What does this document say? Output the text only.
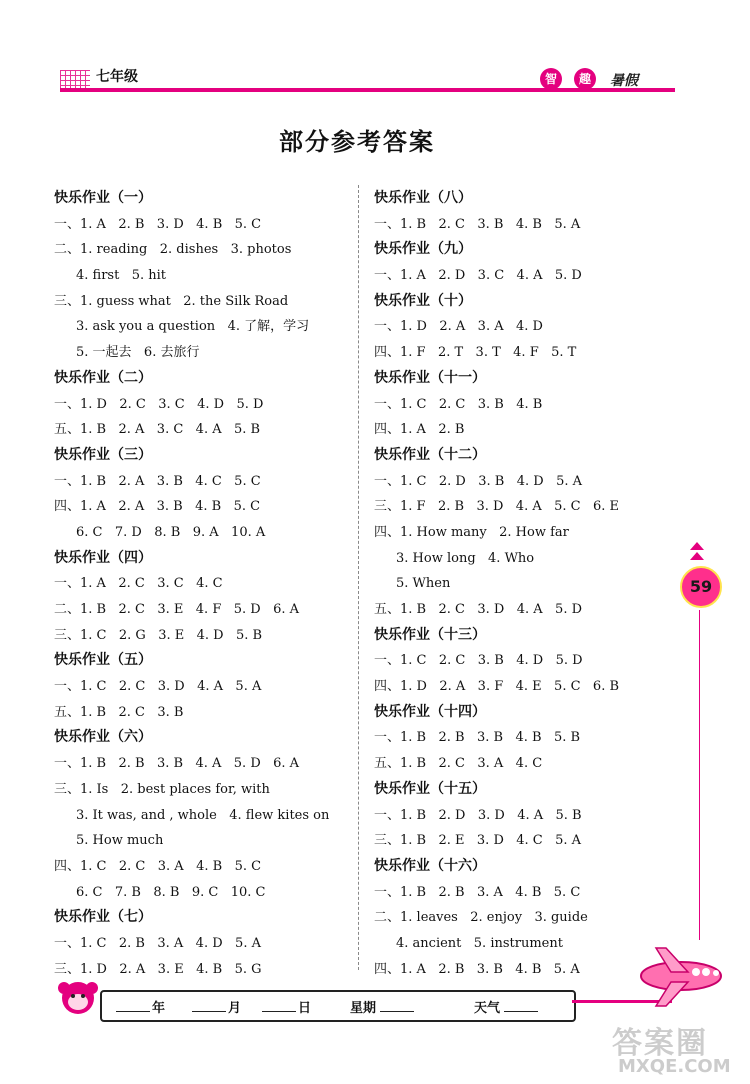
七年级	智	趣	暑假
部分参考答案
快乐作业（一）
一、1. A   2. B   3. D   4. B   5. C
二、1. reading   2. dishes   3. photos
4. first   5. hit
三、1. guess what   2. the Silk Road
3. ask you a question   4. 了解，学习
5. 一起去   6. 去旅行
快乐作业（二）
一、1. D   2. C   3. C   4. D   5. D
五、1. B   2. A   3. C   4. A   5. B
快乐作业（三）
一、1. B   2. A   3. B   4. C   5. C
四、1. A   2. A   3. B   4. B   5. C
6. C   7. D   8. B   9. A   10. A
快乐作业（四）
一、1. A   2. C   3. C   4. C
二、1. B   2. C   3. E   4. F   5. D   6. A
三、1. C   2. G   3. E   4. D   5. B
快乐作业（五）
一、1. C   2. C   3. D   4. A   5. A
五、1. B   2. C   3. B
快乐作业（六）
一、1. B   2. B   3. B   4. A   5. D   6. A
三、1. Is   2. best places for, with
3. It was, and , whole   4. flew kites on
5. How much
四、1. C   2. C   3. A   4. B   5. C
6. C   7. B   8. B   9. C   10. C
快乐作业（七）
一、1. C   2. B   3. A   4. D   5. A
三、1. D   2. A   3. E   4. B   5. G
快乐作业（八）
一、1. B   2. C   3. B   4. B   5. A
快乐作业（九）
一、1. A   2. D   3. C   4. A   5. D
快乐作业（十）
一、1. D   2. A   3. A   4. D
四、1. F   2. T   3. T   4. F   5. T
快乐作业（十一）
一、1. C   2. C   3. B   4. B
四、1. A   2. B
快乐作业（十二）
一、1. C   2. D   3. B   4. D   5. A
三、1. F   2. B   3. D   4. A   5. C   6. E
四、1. How many   2. How far
3. How long   4. Who
5. When
五、1. B   2. C   3. D   4. A   5. D
快乐作业（十三）
一、1. C   2. C   3. B   4. D   5. D
四、1. D   2. A   3. F   4. E   5. C   6. B
快乐作业（十四）
一、1. B   2. B   3. B   4. B   5. B
五、1. B   2. C   3. A   4. C
快乐作业（十五）
一、1. B   2. D   3. D   4. A   5. B
三、1. B   2. E   3. D   4. C   5. A
快乐作业（十六）
一、1. B   2. B   3. A   4. B   5. C
二、1. leaves   2. enjoy   3. guide
4. ancient   5. instrument
四、1. A   2. B   3. B   4. B   5. A
59
年	月	日	星期	天气
答案圈
MXQE.COM
